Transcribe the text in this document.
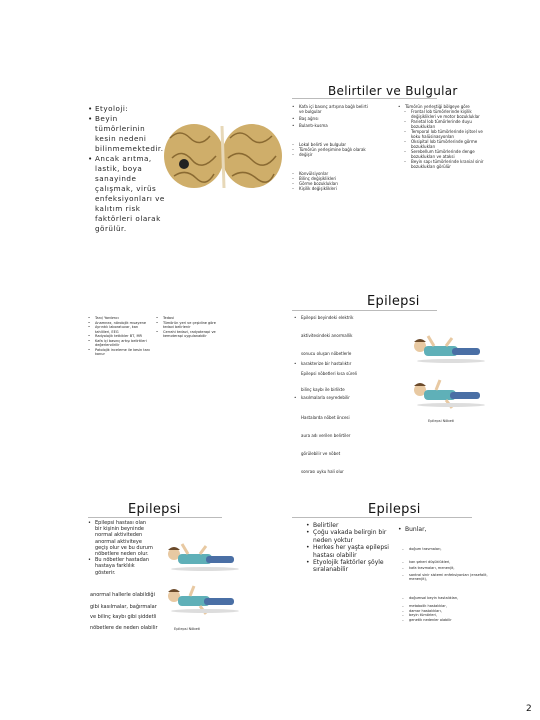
Belirtiler ve Bulgular
• Etyoloji:
• Beyin tümörlerinin kesin nedeni bilinmemektedir.
• Ancak arıtma, lastik, boya sanayinde çalışmak, virüs enfeksiyonları ve kalıtım risk faktörleri olarak görülür.
• Kafa içi basınç artışına bağlı belirti ve bulgular
• Baş ağrısı
• Bulantı-kusma
– Lokal belirti ve bulgular
– Tümörün yerleşimine bağlı olarak
– değişir
– Konvülsiyonlar
– Bilinç değişiklikleri
– Görme bozuklukları
– Kişilik değişiklikleri
• Tümörün yerleştiği bölgeye göre
– Frontal lob tümörlerinde kişilik değişiklikleri ve motor bozukluklar
– Parietal lob tümörlerinde duyu bozuklukları
– Temporal lob tümörlerinde işitsel ve koku halüsinasyonları
– Oksipital lob tümörlerinde görme bozuklukları
– Serebellum tümörlerinde denge bozuklukları ve ataksi
– Beyin sapı tümörlerinde kranial sinir bozuklukları görülür
Epilepsi
• Tanı/ Yardımcı
• Anamnez, nörolojik muayene
• Ayrıntılı laboratuvar, kan tahlilleri, EEG
• Radyolojik tetkikler BT, MR
• Kafa içi basınç artışı belirtileri değerlendirilir
• Patolojik inceleme ile kesin tanı konur
• Tedavi
• Tümörün yeri ve çeşidine göre tedavi belirlenir
• Cerrahi tedavi, radyoterapi ve kemoterapi uygulanabilir
• Epilepsi beyindeki elektrik
aktivitesindeki anormallik
sonucu oluşan nöbetlerle
• karakterize bir hastalıktır
Epilepsi nöbetleri kısa süreli
bilinç kaybı ile birlikte
• kasılmalarla seyredebilir
Hastalarda nöbet öncesi
aura adı verilen belirtiler
görülebilir ve nöbet
sonrası uyku hali olur
Epilepsi Nöbeti
Epilepsi
• Epilepsi hastası olan bir kişinin beyninde normal aktiviteden anormal aktiviteye geçiş olur ve bu durum nöbetlere neden olur.
• Bu nöbetler hastadan hastaya farklılık gösterir.
anormal hallerle olabildiği
gibi kasılmalar, bağırmalar
ve bilinç kaybı gibi şiddetli
nöbetlere de neden olabilir	Epilepsi Nöbeti
Epilepsi
• Belirtiler
• Çoğu vakada belirgin bir neden yoktur
• Herkes her yaşta epilepsi hastası olabilir
• Etyolojik faktörler şöyle sıralanabilir
• Bunlar,
– doğum travmaları,
– kan şekeri düşüklükleri,
– kafa travmaları, menenjit,
– santral sinir sistemi enfeksiyonları (ensefalit, menenjit),
– doğumsal beyin hastalıkları,
– metabolik hastalıklar,
– damar hastalıkları,
– beyin tümörleri,
– genetik nedenler olabilir
2
